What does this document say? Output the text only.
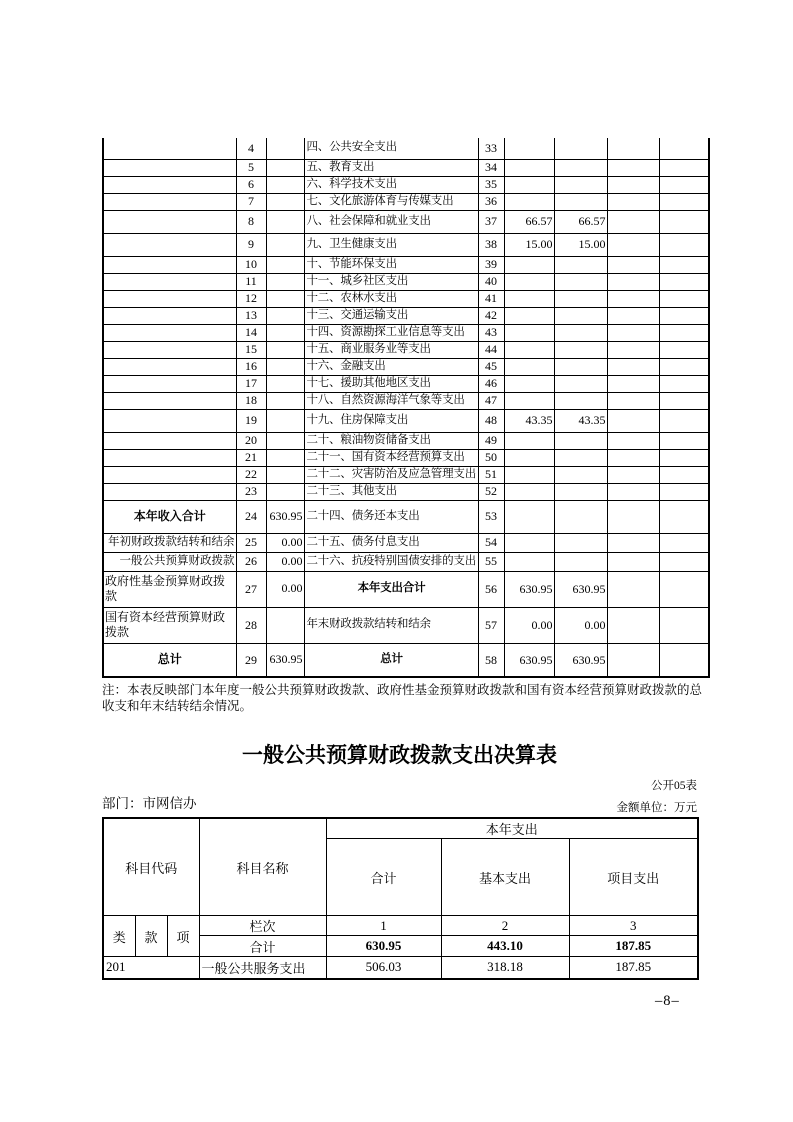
	4		四、公共安全支出	33				
	5		五、教育支出	34				
	6		六、科学技术支出	35				
	7		七、文化旅游体育与传媒支出	36				
	8		八、社会保障和就业支出	37	66.57	66.57		
	9		九、卫生健康支出	38	15.00	15.00		
	10		十、节能环保支出	39				
	11		十一、城乡社区支出	40				
	12		十二、农林水支出	41				
	13		十三、交通运输支出	42				
	14		十四、资源勘探工业信息等支出	43				
	15		十五、商业服务业等支出	44				
	16		十六、金融支出	45				
	17		十七、援助其他地区支出	46				
	18		十八、自然资源海洋气象等支出	47				
	19		十九、住房保障支出	48	43.35	43.35		
	20		二十、粮油物资储备支出	49				
	21		二十一、国有资本经营预算支出	50				
	22		二十二、灾害防治及应急管理支出	51				
	23		二十三、其他支出	52				
本年收入合计	24	630.95	二十四、债务还本支出	53				
年初财政拨款结转和结余	25	0.00	二十五、债务付息支出	54				
一般公共预算财政拨款	26	0.00	二十六、抗疫特别国债安排的支出	55				
政府性基金预算财政拨款	27	0.00	本年支出合计	56	630.95	630.95		
国有资本经营预算财政拨款	28		年末财政拨款结转和结余	57	0.00	0.00		
总计	29	630.95	总计	58	630.95	630.95		
注：本表反映部门本年度一般公共预算财政拨款、政府性基金预算财政拨款和国有资本经营预算财政拨款的总收支和年末结转结余情况。
一般公共预算财政拨款支出决算表
公开05表
部门：市网信办	金额单位：万元
科目代码			科目名称	本年支出		
				合计	基本支出	项目支出
类	款	项	栏次	1	2	3
			合计	630.95	443.10	187.85
201			一般公共服务支出	506.03	318.18	187.85
–8–
